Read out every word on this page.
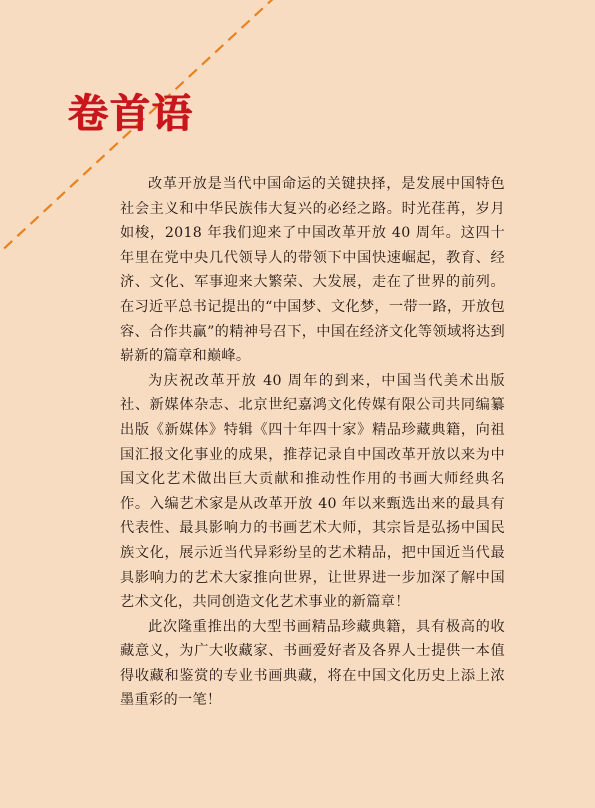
卷首语

改革开放是当代中国命运的关键抉择，是发展中国特色社会主义和中华民族伟大复兴的必经之路。时光荏苒，岁月如梭，2018 年我们迎来了中国改革开放 40 周年。这四十年里在党中央几代领导人的带领下中国快速崛起，教育、经济、文化、军事迎来大繁荣、大发展，走在了世界的前列。在习近平总书记提出的“中国梦、文化梦，一带一路，开放包容、合作共赢”的精神号召下，中国在经济文化等领域将达到崭新的篇章和巅峰。

为庆祝改革开放 40 周年的到来，中国当代美术出版社、新媒体杂志、北京世纪嘉鸿文化传媒有限公司共同编纂出版《新媒体》特辑《四十年四十家》精品珍藏典籍，向祖国汇报文化事业的成果，推荐记录自中国改革开放以来为中国文化艺术做出巨大贡献和推动性作用的书画大师经典名作。入编艺术家是从改革开放 40 年以来甄选出来的最具有代表性、最具影响力的书画艺术大师，其宗旨是弘扬中国民族文化，展示近当代异彩纷呈的艺术精品，把中国近当代最具影响力的艺术大家推向世界，让世界进一步加深了解中国艺术文化，共同创造文化艺术事业的新篇章！

此次隆重推出的大型书画精品珍藏典籍，具有极高的收藏意义，为广大收藏家、书画爱好者及各界人士提供一本值得收藏和鉴赏的专业书画典藏，将在中国文化历史上添上浓墨重彩的一笔！
